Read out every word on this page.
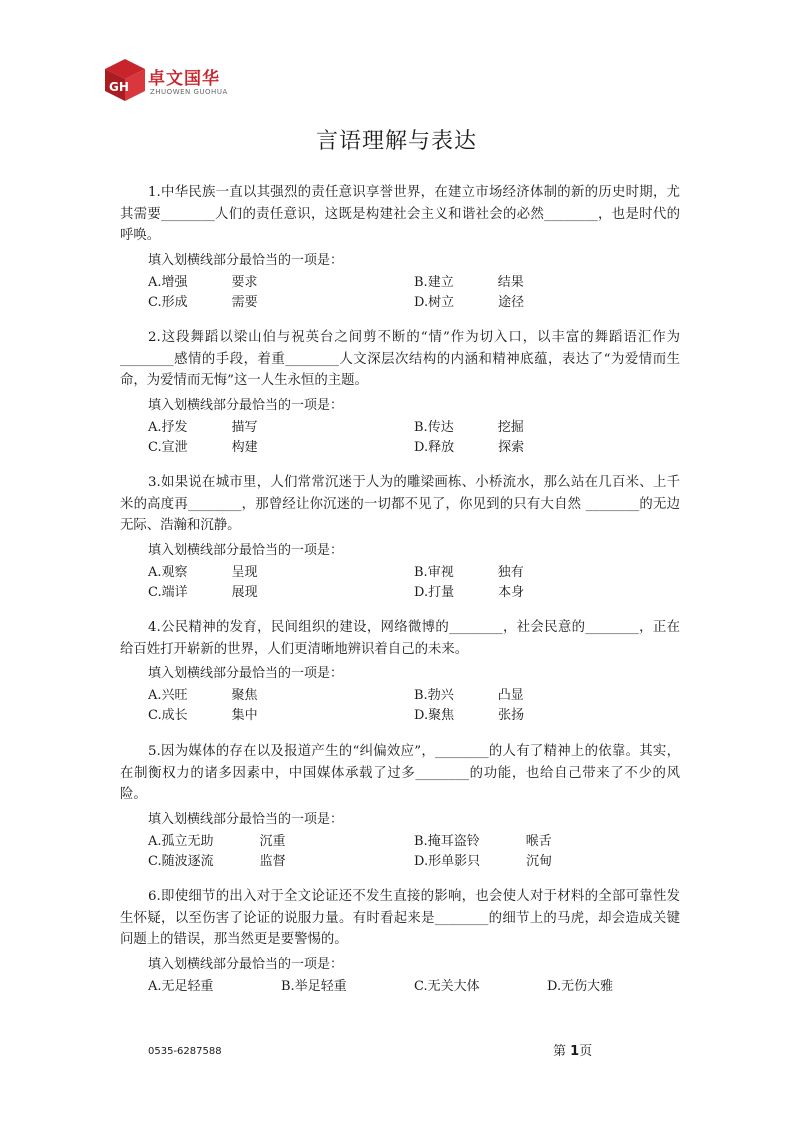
GH 卓文国华
ZHUOWEN GUOHUA
言语理解与表达

1.中华民族一直以其强烈的责任意识享誉世界，在建立市场经济体制的新的历史时期，尤其需要________人们的责任意识，这既是构建社会主义和谐社会的必然________，也是时代的呼唤。

填入划横线部分最恰当的一项是：
A. 增强	要求	B. 建立	结果
C. 形成	需要	D. 树立	途径

2.这段舞蹈以梁山伯与祝英台之间剪不断的“情”作为切入口，以丰富的舞蹈语汇作为________感情的手段，着重________人文深层次结构的内涵和精神底蕴，表达了“为爱情而生命，为爱情而无悔”这一人生永恒的主题。

填入划横线部分最恰当的一项是：
A. 抒发	描写	B. 传达	挖掘
C. 宣泄	构建	D. 释放	探索

3.如果说在城市里，人们常常沉迷于人为的雕梁画栋、小桥流水，那么站在几百米、上千米的高度再________，那曾经让你沉迷的一切都不见了，你见到的只有大自然 ________的无边无际、浩瀚和沉静。

填入划横线部分最恰当的一项是：
A. 观察	呈现	B. 审视	独有
C. 端详	展现	D. 打量	本身

4.公民精神的发育，民间组织的建设，网络微博的________，社会民意的________，正在给百姓打开崭新的世界，人们更清晰地辨识着自己的未来。

填入划横线部分最恰当的一项是：
A. 兴旺	聚焦	B. 勃兴	凸显
C. 成长	集中	D. 聚焦	张扬

5.因为媒体的存在以及报道产生的“纠偏效应”，________的人有了精神上的依靠。其实，在制衡权力的诸多因素中，中国媒体承载了过多________的功能，也给自己带来了不少的风险。

填入划横线部分最恰当的一项是：
A. 孤立无助	沉重	B. 掩耳盗铃	喉舌
C. 随波逐流	监督	D. 形单影只	沉甸

6.即使细节的出入对于全文论证还不发生直接的影响，也会使人对于材料的全部可靠性发生怀疑，以至伤害了论证的说服力量。有时看起来是________的细节上的马虎，却会造成关键问题上的错误，那当然更是要警惕的。

填入划横线部分最恰当的一项是：
A. 无足轻重	B. 举足轻重	C. 无关大体	D. 无伤大雅
0535-6287588	第 1页
